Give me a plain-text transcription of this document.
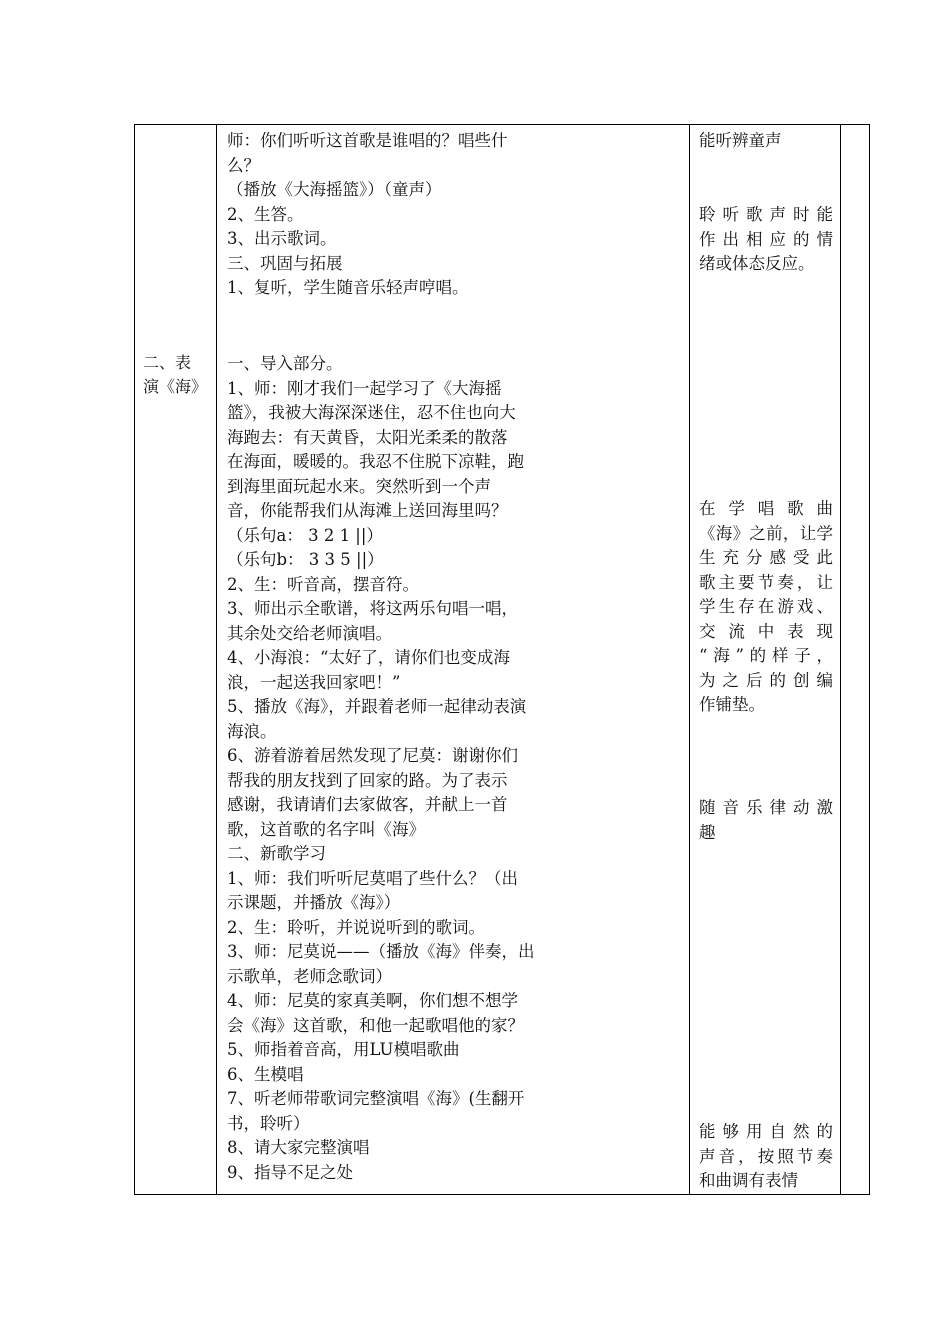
二、表
演《海》
师：你们听听这首歌是谁唱的？唱些什
么？
（播放《大海摇篮》）（童声）
2、生答。
3、出示歌词。
三、巩固与拓展
1、复听，学生随音乐轻声哼唱。
一、导入部分。
1、师：刚才我们一起学习了《大海摇
篮》，我被大海深深迷住，忍不住也向大
海跑去：有天黄昏，太阳光柔柔的散落
在海面，暖暖的。我忍不住脱下凉鞋，跑
到海里面玩起水来。突然听到一个声
音，你能帮我们从海滩上送回海里吗？
（乐句a： 3 2 1 ||）
（乐句b： 3 3 5 ||）
2、生：听音高，摆音符。
3、师出示全歌谱，将这两乐句唱一唱，
其余处交给老师演唱。
4、小海浪：“太好了，请你们也变成海
浪，一起送我回家吧！”
5、播放《海》，并跟着老师一起律动表演
海浪。
6、游着游着居然发现了尼莫：谢谢你们
帮我的朋友找到了回家的路。为了表示
感谢，我请请们去家做客，并献上一首
歌，这首歌的名字叫《海》
二、新歌学习
1、师：我们听听尼莫唱了些什么？（出
示课题，并播放《海》）
2、生：聆听，并说说听到的歌词。
3、师：尼莫说——（播放《海》伴奏，出
示歌单，老师念歌词）
4、师：尼莫的家真美啊，你们想不想学
会《海》这首歌，和他一起歌唱他的家？
5、师指着音高，用LU模唱歌曲
6、生模唱
7、听老师带歌词完整演唱《海》(生翻开
书，聆听）
8、请大家完整演唱
9、指导不足之处
能听辨童声
聆 听 歌 声 时 能
作 出 相 应 的 情
绪或体态反应。
在 学 唱 歌 曲
《 海 》 之 前 ， 让 学
生 充 分 感 受 此
歌 主 要 节 奏 ， 让
学 生 存 在 游 戏 、
交 流 中 表 现
“ 海 ” 的 样 子 ，
为 之 后 的 创 编
作铺垫。
随 音 乐 律 动 激
趣
能 够 用 自 然 的
声 音 ， 按 照 节 奏
和曲调有表情
